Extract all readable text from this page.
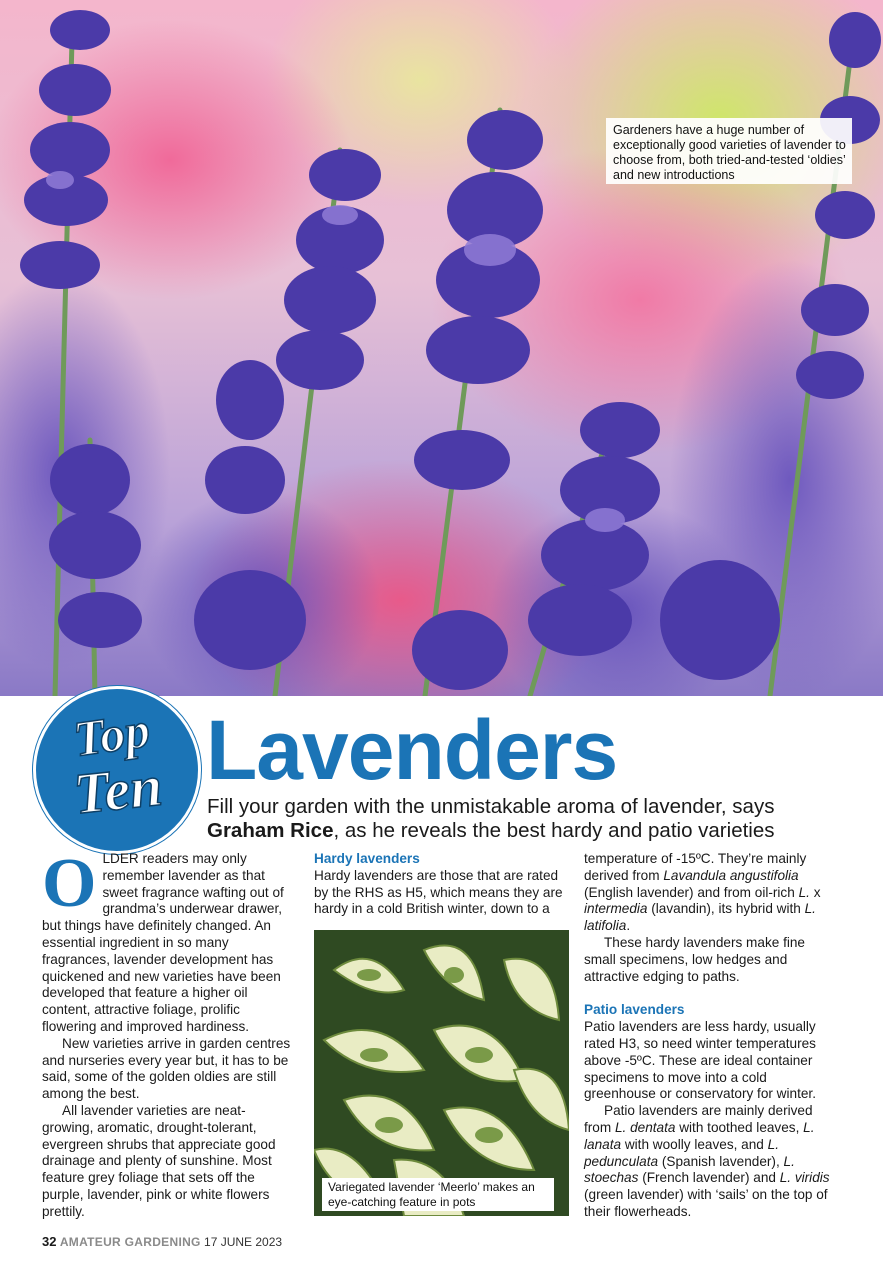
Gardeners have a huge number of exceptionally good varieties of lavender to choose from, both tried-and-tested ‘oldies’ and new introductions
Top
Ten Lavenders
Fill your garden with the unmistakable aroma of lavender, says Graham Rice, as he reveals the best hardy and patio varieties
O LDER readers may only remember lavender as that sweet fragrance wafting out of grandma’s underwear drawer, but things have definitely changed. An essential ingredient in so many fragrances, lavender development has quickened and new varieties have been developed that feature a higher oil content, attractive foliage, prolific flowering and improved hardiness.

New varieties arrive in garden centres and nurseries every year but, it has to be said, some of the golden oldies are still among the best.

All lavender varieties are neat-growing, aromatic, drought-tolerant, evergreen shrubs that appreciate good drainage and plenty of sunshine. Most feature grey foliage that sets off the purple, lavender, pink or white flowers prettily.

Hardy lavenders

Hardy lavenders are those that are rated by the RHS as H5, which means they are hardy in a cold British winter, down to a

Variegated lavender ‘Meerlo’ makes an eye-catching feature in pots

temperature of -15ºC. They’re mainly derived from Lavandula angustifolia (English lavender) and from oil-rich L. x intermedia (lavandin), its hybrid with L. latifolia.

These hardy lavenders make fine small specimens, low hedges and attractive edging to paths.

Patio lavenders

Patio lavenders are less hardy, usually rated H3, so need winter temperatures above -5ºC. These are ideal container specimens to move into a cold greenhouse or conservatory for winter.

Patio lavenders are mainly derived from L. dentata with toothed leaves, L. lanata with woolly leaves, and L. pedunculata (Spanish lavender), L. stoechas (French lavender) and L. viridis (green lavender) with ‘sails’ on the top of their flowerheads.

32 AMATEUR GARDENING 17 JUNE 2023
